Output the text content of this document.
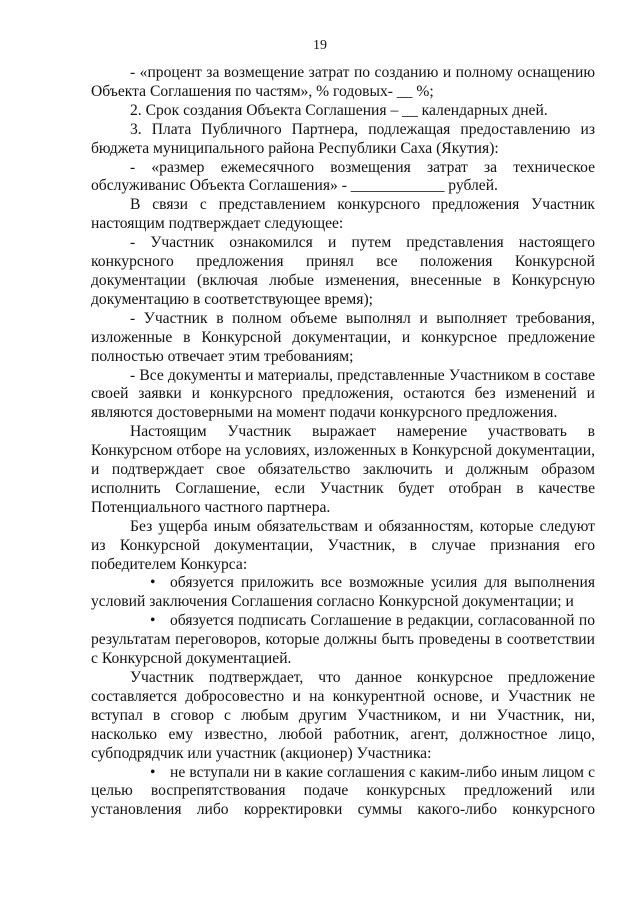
19

- «процент за возмещение затрат по созданию и полному оснащению Объекта Соглашения по частям», % годовых- __ %;

2. Срок создания Объекта Соглашения – __ календарных дней.

3. Плата Публичного Партнера, подлежащая предоставлению из бюджета муниципального района Республики Саха (Якутия):

- «размер ежемесячного возмещения затрат за техническое обслуживанис Объекта Соглашения» - ____________ рублей.

В связи с представлением конкурсного предложения Участник настоящим подтверждает следующее:

- Участник ознакомился и путем представления настоящего конкурсного предложения принял все положения Конкурсной документации (включая любые изменения, внесенные в Конкурсную документацию в соответствующее время);

- Участник в полном объеме выполнял и выполняет требования, изложенные в Конкурсной документации, и конкурсное предложение полностью отвечает этим требованиям;

- Все документы и материалы, представленные Участником в составе своей заявки и конкурсного предложения, остаются без изменений и являются достоверными на момент подачи конкурсного предложения.

Настоящим Участник выражает намерение участвовать в Конкурсном отборе на условиях, изложенных в Конкурсной документации, и подтверждает свое обязательство заключить и должным образом исполнить Соглашение, если Участник будет отобран в качестве Потенциального частного партнера.

Без ущерба иным обязательствам и обязанностям, которые следуют из Конкурсной документации, Участник, в случае признания его победителем Конкурса:

• обязуется приложить все возможные усилия для выполнения условий заключения Соглашения согласно Конкурсной документации; и

• обязуется подписать Соглашение в редакции, согласованной по результатам переговоров, которые должны быть проведены в соответствии с Конкурсной документацией.

Участник подтверждает, что данное конкурсное предложение составляется добросовестно и на конкурентной основе, и Участник не вступал в сговор с любым другим Участником, и ни Участник, ни, насколько ему известно, любой работник, агент, должностное лицо, субподрядчик или участник (акционер) Участника:

• не вступали ни в какие соглашения с каким-либо иным лицом с целью воспрепятствования подаче конкурсных предложений или установления либо корректировки суммы какого-либо конкурсного
